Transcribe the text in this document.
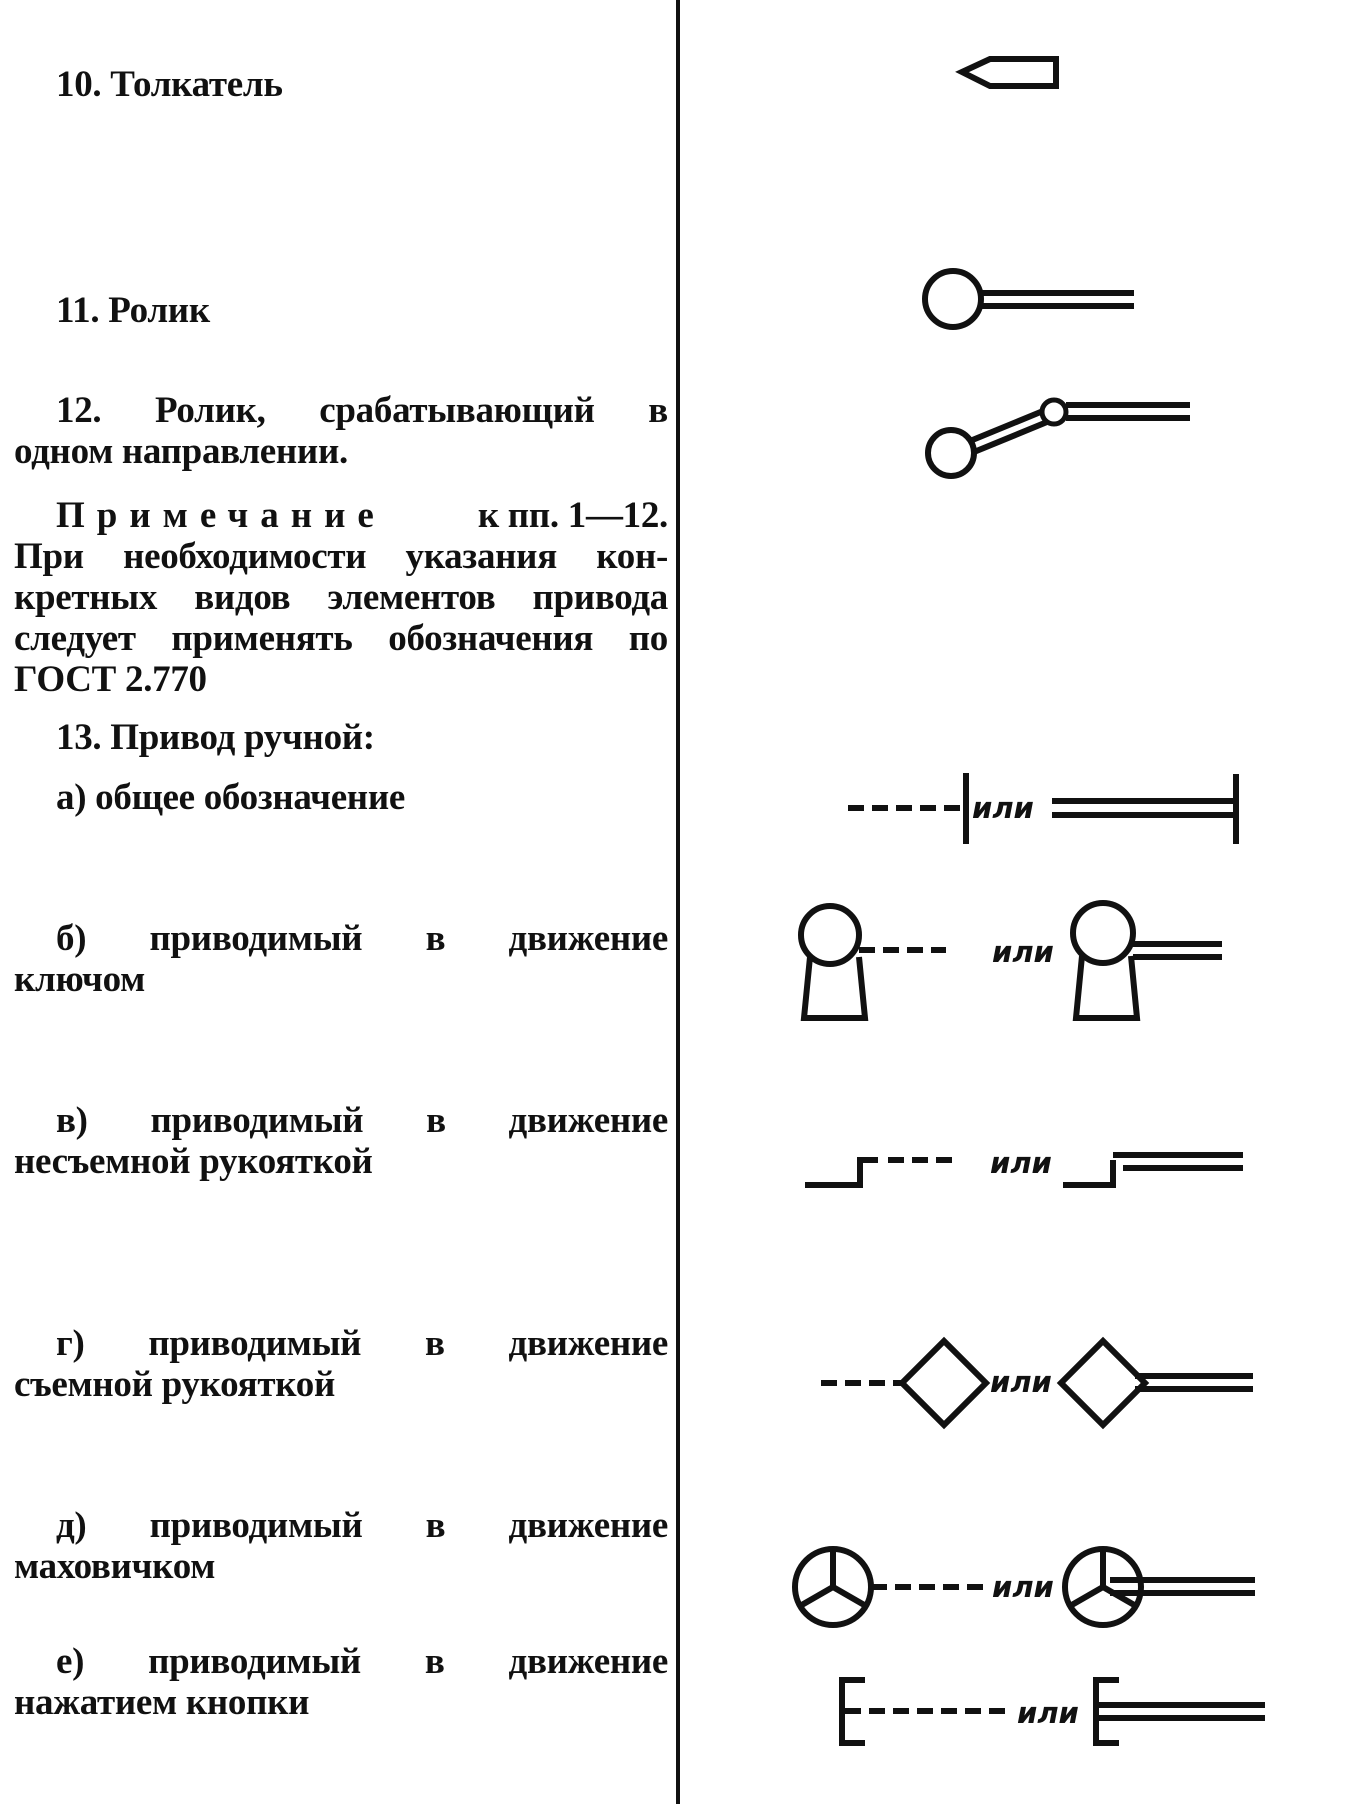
10. Толкатель
11. Ролик
12. Ролик, срабатывающий в
одном направлении.
Примечание к пп. 1—12.
При необходимости указания кон-
кретных видов элементов привода
следует применять обозначения по
ГОСТ 2.770
13. Привод ручной:
а) общее обозначение
б) приводимый в движение
ключом
в) приводимый в движение
несъемной рукояткой
г) приводимый в движение
съемной рукояткой
д) приводимый в движение
маховичком
е) приводимый в движение
нажатием кнопки
или
или
или
или
или
или
